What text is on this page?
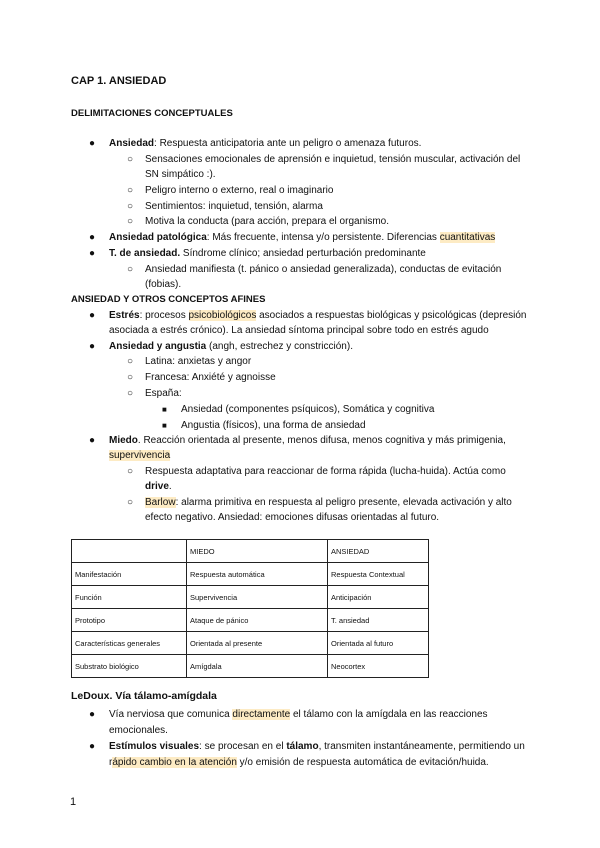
CAP 1. ANSIEDAD
DELIMITACIONES CONCEPTUALES
● Ansiedad: Respuesta anticipatoria ante un peligro o amenaza futuros.
○ Sensaciones emocionales de aprensión e inquietud, tensión muscular, activación del
SN simpático :).
○ Peligro interno o externo, real o imaginario
○ Sentimientos: inquietud, tensión, alarma
○ Motiva la conducta (para acción, prepara el organismo.
● Ansiedad patológica: Más frecuente, intensa y/o persistente. Diferencias cuantitativas
● T. de ansiedad. Síndrome clínico; ansiedad perturbación predominante
○ Ansiedad manifiesta (t. pánico o ansiedad generalizada), conductas de evitación
(fobias).
ANSIEDAD Y OTROS CONCEPTOS AFINES
● Estrés: procesos psicobiológicos asociados a respuestas biológicas y psicológicas (depresión
asociada a estrés crónico). La ansiedad síntoma principal sobre todo en estrés agudo
● Ansiedad y angustia (angh, estrechez y constricción).
○ Latina: anxietas y angor
○ Francesa: Anxiété y agnoisse
○ España:
■ Ansiedad (componentes psíquicos), Somática y cognitiva
■ Angustia (físicos), una forma de ansiedad
● Miedo. Reacción orientada al presente, menos difusa, menos cognitiva y más primigenia,
supervivencia
○ Respuesta adaptativa para reaccionar de forma rápida (lucha-huida). Actúa como
drive.
○ Barlow: alarma primitiva en respuesta al peligro presente, elevada activación y alto
efecto negativo. Ansiedad: emociones difusas orientadas al futuro.
	MIEDO	ANSIEDAD
Manifestación	Respuesta automática	Respuesta Contextual
Función	Supervivencia	Anticipación
Prototipo	Ataque de pánico	T. ansiedad
Características generales	Orientada al presente	Orientada al futuro
Substrato biológico	Amígdala	Neocortex
LeDoux. Vía tálamo-amígdala
● Vía nerviosa que comunica directamente el tálamo con la amígdala en las reacciones
emocionales.
● Estímulos visuales: se procesan en el tálamo, transmiten instantáneamente, permitiendo un
rápido cambio en la atención y/o emisión de respuesta automática de evitación/huida.
1
